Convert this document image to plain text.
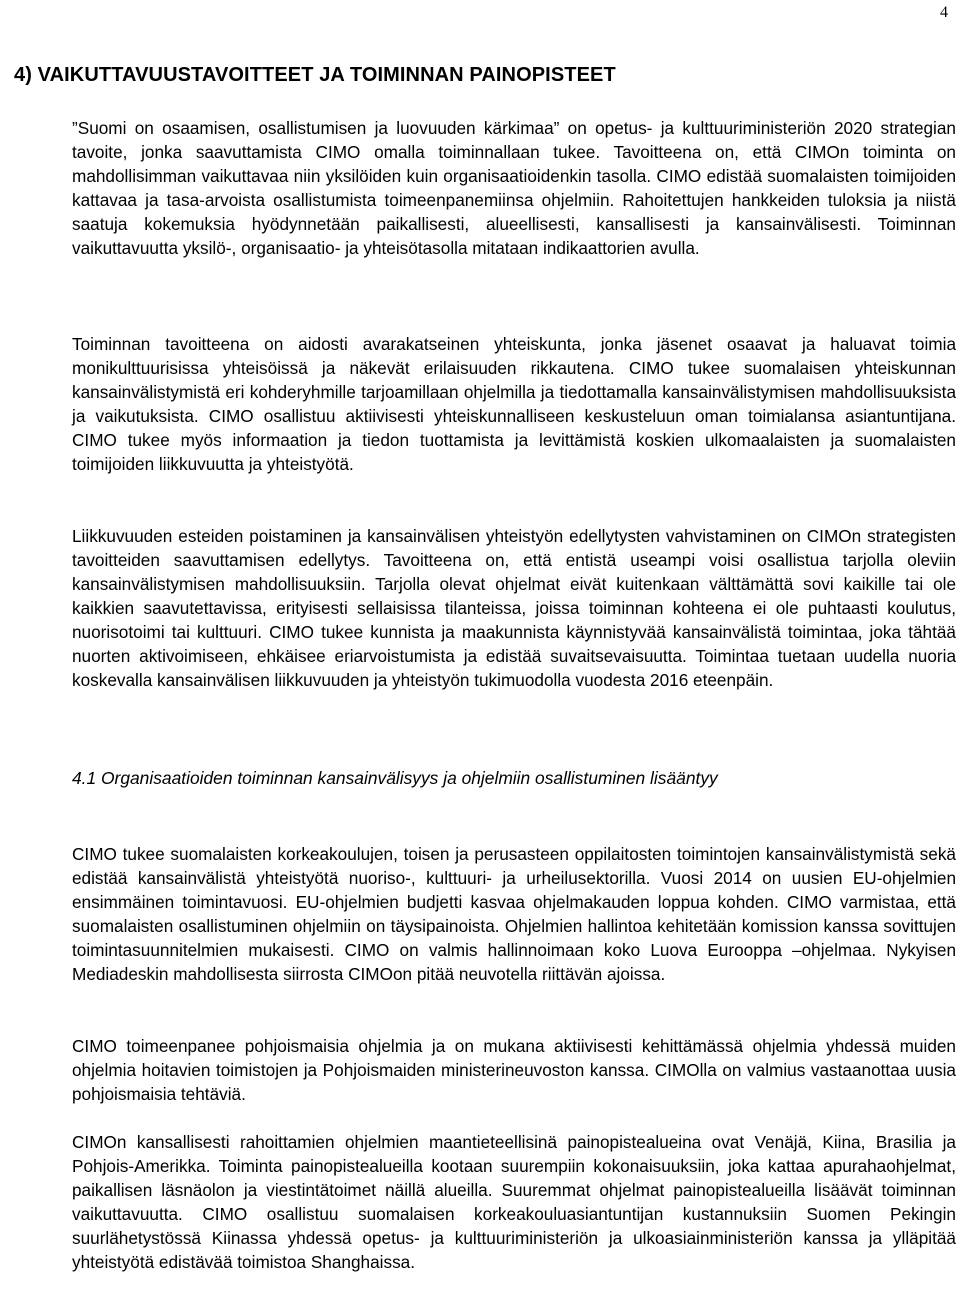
4
4) VAIKUTTAVUUSTAVOITTEET JA TOIMINNAN PAINOPISTEET

”Suomi on osaamisen, osallistumisen ja luovuuden kärkimaa” on opetus- ja kulttuuriministeriön 2020 strategian tavoite, jonka saavuttamista CIMO omalla toiminnallaan tukee. Tavoitteena on, että CIMOn toiminta on mahdollisimman vaikuttavaa niin yksilöiden kuin organisaatioidenkin tasolla. CIMO edistää suomalaisten toimijoiden kattavaa ja tasa-arvoista osallistumista toimeenpanemiinsa ohjelmiin. Rahoitettujen hankkeiden tuloksia ja niistä saatuja kokemuksia hyödynnetään paikallisesti, alueellisesti, kansallisesti ja kansainvälisesti. Toiminnan vaikuttavuutta yksilö-, organisaatio- ja yhteisötasolla mitataan indikaattorien avulla.

Toiminnan tavoitteena on aidosti avarakatseinen yhteiskunta, jonka jäsenet osaavat ja haluavat toimia monikulttuurisissa yhteisöissä ja näkevät erilaisuuden rikkautena. CIMO tukee suomalaisen yhteiskunnan kansainvälistymistä eri kohderyhmille tarjoamillaan ohjelmilla ja tiedottamalla kansainvälistymisen mahdollisuuksista ja vaikutuksista. CIMO osallistuu aktiivisesti yhteiskunnalliseen keskusteluun oman toimialansa asiantuntijana. CIMO tukee myös informaation ja tiedon tuottamista ja levittämistä koskien ulkomaalaisten ja suomalaisten toimijoiden liikkuvuutta ja yhteistyötä.

Liikkuvuuden esteiden poistaminen ja kansainvälisen yhteistyön edellytysten vahvistaminen on CIMOn strategisten tavoitteiden saavuttamisen edellytys. Tavoitteena on, että entistä useampi voisi osallistua tarjolla oleviin kansainvälistymisen mahdollisuuksiin. Tarjolla olevat ohjelmat eivät kuitenkaan välttämättä sovi kaikille tai ole kaikkien saavutettavissa, erityisesti sellaisissa tilanteissa, joissa toiminnan kohteena ei ole puhtaasti koulutus, nuorisotoimi tai kulttuuri. CIMO tukee kunnista ja maakunnista käynnistyvää kansainvälistä toimintaa, joka tähtää nuorten aktivoimiseen, ehkäisee eriarvoistumista ja edistää suvaitsevaisuutta. Toimintaa tuetaan uudella nuoria koskevalla kansainvälisen liikkuvuuden ja yhteistyön tukimuodolla vuodesta 2016 eteenpäin.

4.1 Organisaatioiden toiminnan kansainvälisyys ja ohjelmiin osallistuminen lisääntyy

CIMO tukee suomalaisten korkeakoulujen, toisen ja perusasteen oppilaitosten toimintojen kansainvälistymistä sekä edistää kansainvälistä yhteistyötä nuoriso-, kulttuuri- ja urheilusektorilla. Vuosi 2014 on uusien EU-ohjelmien ensimmäinen toimintavuosi. EU-ohjelmien budjetti kasvaa ohjelmakauden loppua kohden. CIMO varmistaa, että suomalaisten osallistuminen ohjelmiin on täysipainoista. Ohjelmien hallintoa kehitetään komission kanssa sovittujen toimintasuunnitelmien mukaisesti. CIMO on valmis hallinnoimaan koko Luova Eurooppa –ohjelmaa. Nykyisen Mediadeskin mahdollisesta siirrosta CIMOon pitää neuvotella riittävän ajoissa.

CIMO toimeenpanee pohjoismaisia ohjelmia ja on mukana aktiivisesti kehittämässä ohjelmia yhdessä muiden ohjelmia hoitavien toimistojen ja Pohjoismaiden ministerineuvoston kanssa. CIMOlla on valmius vastaanottaa uusia pohjoismaisia tehtäviä.

CIMOn kansallisesti rahoittamien ohjelmien maantieteellisinä painopistealueina ovat Venäjä, Kiina, Brasilia ja Pohjois-Amerikka. Toiminta painopistealueilla kootaan suurempiin kokonaisuuksiin, joka kattaa apurahaohjelmat, paikallisen läsnäolon ja viestintätoimet näillä alueilla. Suuremmat ohjelmat painopistealueilla lisäävät toiminnan vaikuttavuutta. CIMO osallistuu suomalaisen korkeakouluasiantuntijan kustannuksiin Suomen Pekingin suurlähetystössä Kiinassa yhdessä opetus- ja kulttuuriministeriön ja ulkoasiainministeriön kanssa ja ylläpitää yhteistyötä edistävää toimistoa Shanghaissa.
